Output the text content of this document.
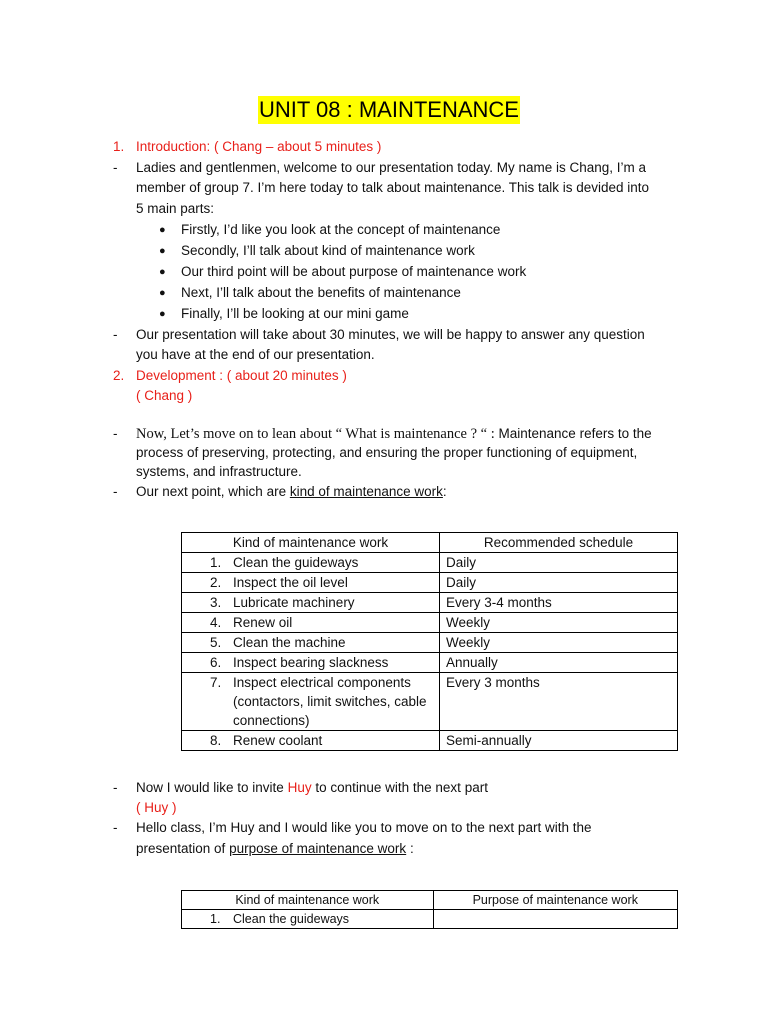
UNIT 08 : MAINTENANCE
1. Introduction: ( Chang – about 5 minutes )
- Ladies and gentlenmen, welcome to our presentation today. My name is Chang, I’m a
member of group 7. I’m here today to talk about maintenance. This talk is devided into
5 main parts:
● Firstly, I’d like you look at the concept of maintenance
● Secondly, I’ll talk about kind of maintenance work
● Our third point will be about purpose of maintenance work
● Next, I’ll talk about the benefits of maintenance
● Finally, I’ll be looking at our mini game
- Our presentation will take about 30 minutes, we will be happy to answer any question
you have at the end of our presentation.
2. Development : ( about 20 minutes )
( Chang )
- Now, Let’s move on to lean about “ What is maintenance ? “ : Maintenance refers to the
process of preserving, protecting, and ensuring the proper functioning of equipment,
systems, and infrastructure.
- Our next point, which are kind of maintenance work:
Kind of maintenance work	Recommended schedule

1. Clean the guideways	Daily

2. Inspect the oil level	Daily

3. Lubricate machinery	Every 3-4 months

4. Renew oil	Weekly

5. Clean the machine	Weekly

6. Inspect bearing slackness	Annually

7. Inspect electrical components (contactors, limit switches, cable connections)	Every 3 months

8. Renew coolant	Semi-annually
- Now I would like to invite Huy to continue with the next part
( Huy )
- Hello class, I’m Huy and I would like you to move on to the next part with the
presentation of purpose of maintenance work :
Kind of maintenance work	Purpose of maintenance work

1. Clean the guideways	
